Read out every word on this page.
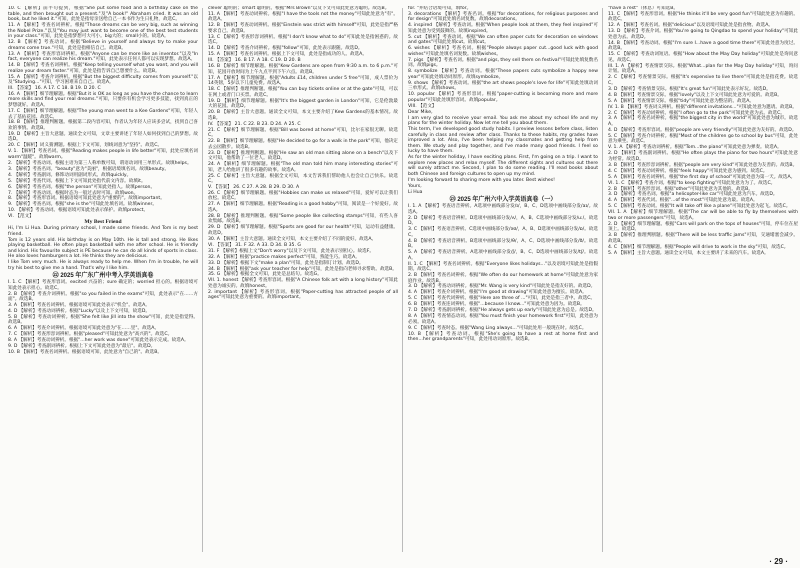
10. C 【解析】前半句提到，根据"She put some food and a birthday cake on the table, and then brought out a present."及"A book!" Abraham cried. It was an old book, but he liked it."可知，此处是指母亲送给自己一本书作为生日礼物，故选C。

11. A 【解析】考查名词辨析。根据"Those dreams can be very big, such as winning the Nobel Prize."以及"You may just want to become one of the best test students in your class."可知，此处是指梦想可大可小。big大的；small小的。故选A。

12. B 【解析】考查动词。根据"Believe in yourself and always try to make your dreams come true."可知，此处是指相信自己。故选B。

13. A 【解析】考查形容词辨析。根据"Anyone can be more like an inventor."以及"In fact, everyone can realize his dream."可知，此处表示任何人都可以实现梦想。故选A。

14. B 【解析】考查名词辨析。根据"Keep telling yourself what you want, and you will realize your dream faster."可知，此处是指告诉自己想要什么。故选B。

15. A 【解析】考查介词辨析。根据"But the biggest difficulty comes from yourself."以及"Studying..."可知，学习困难来自自己。故选A。

III. 【答案】 16. A 17. C 18. B 19. D 20. C

16. A 【解析】细节理解题。根据"But it is OK as long as you have the chance to learn more skills and find your real dreams."可知，只要你有机会学习更多技能，找到真正的梦想就好。故选A。

17. C 【解析】细节理解题。根据"The young man went to a Kee Gardens"可知，年轻人去了基佑花园。故选C。

18. B 【解析】推理判断题。根据第二段内容可知，作者认为年轻人应该多尝试，找到自己喜欢的事情。故选B。

19. D 【解析】主旨大意题。通读全文可知，文章主要讲述了年轻人如何找到自己的梦想。故选D。

20. C 【解析】词义猜测题。根据上下文可知，划线词意为"坚持"。故选C。

V. 1. 【解析】考查名词。根据"Reading makes people in life better"可知，此处应填名词warm"温暖"。故填warm。

2. 【解析】考查动词。根据主语为第三人称单数可知，谓语动词用三单形式。故填helps。

3. 【解析】考查名词。"beauty"意为"美丽"，根据语境填名词。故填beauty。

4. 【解析】考查副词。修饰动词用副词形式。故填quickly。

5. 【解析】考查代词。根据上下文可知此处指代前文内容。故填it。

6. 【解析】考查名词。根据"the person"可知此处指人。故填person。

7. 【解析】考查动词。根据时态为一般过去时可知。故填won。

8. 【解析】考查形容词。根据语境可知此处意为"重要的"。故填important。

9. 【解析】考查名词。根据"she is the"可知此处填名词。故填winner。

10. 【解析】考查动词。根据语境可知此处表示保护。故填protect。

VI. 【范文】

My Best Friend

Hi, I'm Li Hua. During primary school, I made some friends. And Tom is my best friend.

Tom is 12 years old. His birthday is on May 10th. He is tall and strong. He likes playing basketball. He often plays basketball with me after school. He is friendly and kind. His favourite subject is PE because he can do all kinds of sports in class. He also loves hamburgers a lot. He thinks they are delicious.

I like Tom very much. He is always ready to help me. When I'm in trouble, he will try his best to give me a hand. That's why I like him.

㉒ 2025 年广东广州中考入学英语真卷

I. 1. C 【解析】考查形容词。excited 兴奋的；sure 确定的；worried 担心的。根据语境可知此处表示担心。故选C。

2. B 【解析】考查介词辨析。根据"so you failed in the exams"可知，此处表示"在……方面"。故选B。

3. A 【解析】考查名词辨析。根据语境可知此处表示"机会"。故选A。

4. D 【解析】考查动词辨析。根据"Lucky"以及上下文可知，故选D。

5. B 【解析】考查动词辨析。根据"She felt like Jill into the show"可知，此处是指觉得。故选B。

6. A 【解析】考查介词辨析。根据语境可知此处意为"在……里"。故选A。

7. C 【解析】考查形容词辨析。根据"pleased"可知此处意为"高兴的"。故选C。

8. A 【解析】考查动词辨析。根据"...her work was done"可知此处表示完成。故选A。

9. D 【解析】考查副词辨析。根据上下文可知此处意为"最后"。故选D。

10. B 【解析】考查名词辨析。根据语境可知，此处意为"自己的"。故选B。

clever 聪明的；smart 聪明的。根据"Mrs Brown"以及下文可知此处意为聪明。故选B。

11. A 【解析】考查动词辨析。根据"I have the tools not the money"可知此处意为"有"。故选A。

12. B 【解析】考查动词辨析。根据"Einstein was strict with himself"可知，此处是指严格要求自己。故选B。

13. C 【解析】考查形容词辨析。根据"I don't know what to do"可知此处是指困惑的。故选C。

14. D 【解析】考查介词辨析。根据"follow"可知，此处表示跟随。故选D。

15. A 【解析】考查名词辨析。根据上下文可知，此处是指成功的人。故选A。

III. 【答案】 16. B 17. A 18. C 19. D 20. B

16. B 【解析】细节理解题。根据"Kew Gardens are open from 9:30 a.m. to 6 p.m."可知，花园开放时间为上午九点半到下午六点。故选B。

17. A 【解析】细节理解题。根据"Adults £14, children under 5 free"可知，成人票价为14英镑，5岁以下儿童免费。故选A。

18. C 【解析】推理判断题。根据"You can buy tickets online or at the gate"可知，可以在网上或者门口买票。故选C。

19. D 【解析】细节理解题。根据"It's the biggest garden in London"可知，它是伦敦最大的花园。故选D。

20. B 【解析】主旨大意题。通读全文可知，本文主要介绍了Kew Gardens的基本情况。故选B。

IV. 【答案】 21. C 22. B 23. D 24. A 25. C

21. C 【解析】细节理解题。根据"Bill was bored at home"可知，比尔在家很无聊。故选C。

22. B 【解析】细节理解题。根据"He decided to go for a walk in the park"可知，他决定去公园散步。故选B。

23. D 【解析】推理判断题。根据"He saw an old man sitting alone on a bench"以及下文可知，他帮助了一位老人。故选D。

24. A 【解析】细节理解题。根据"The old man told him many interesting stories"可知，老人给他讲了很多有趣的故事。故选A。

25. C 【解析】主旨大意题。根据全文可知，本文告诉我们帮助他人也会让自己快乐。故选C。

V. 【答案】 26. C 27. A 28. B 29. D 30. A

26. C 【解析】细节理解题。根据"Hobbies can make us relaxed"可知，爱好可以让我们放松。故选C。

27. A 【解析】细节理解题。根据"Reading is a good hobby"可知，阅读是一个好爱好。故选A。

28. B 【解析】推理判断题。根据"Some people like collecting stamps"可知，有些人喜欢集邮。故选B。

29. D 【解析】细节理解题。根据"Sports are good for our health"可知，运动有益健康。故选D。

30. A 【解析】主旨大意题。通读全文可知，本文主要介绍了不同的爱好。故选A。

VI. 【答案】 31. F 32. A 33. D 34. B 35. G

31. F 【解析】根据上文"Don't worry"以及下文可知，此处表示别担心。故选F。

32. A 【解析】根据"practice makes perfect"可知，熟能生巧。故选A。

33. D 【解析】根据下文"make a plan"可知，此处是指制订计划。故选D。

34. B 【解析】根据"ask your teacher for help"可知，此处是指向老师寻求帮助。故选B。

35. G 【解析】根据全文可知，此处是总结句。故选G。

VII. 1. honest 【解析】考查形容词。根据"A Chinese folk art with a long history"可知此处意为诚实的。故填honest。

2. important 【解析】考查形容词。根据"Paper-cutting has attracted people of all ages"可知此处意为重要的。故填important。

for. "并结合语境可知，填for。

3. decorations 【解析】考查名词。根据"for decorations, for religious purposes and for design"可知此处填名词复数。故填decorations。

4. inspired 【解析】考查动词。根据"When people look at them, they feel inspired"可知此处意为受到鼓舞的。故填inspired。

5. cut 【解析】考查动词。根据"We can often paper cuts for decoration on windows and gates"可知此处填cut。故填cut。

6. wishes 【解析】考查名词。根据"People always paper cut...good luck with good wishes"可知此处填名词复数。故填wishes。

7. pigs 【解析】考查名词。根据"and pigs, they sell them on festival"可知此处填复数名词。故填pigs。

8. symbolize 【解析】考查动词。根据"These papers cuts symbolize a happy new year"可知此处填动词原形。故填symbolize。

9. shows 【解析】考查动词。根据"the art shows people's love for life"可知此处填动词三单形式。故填shows。

10. popular 【解析】考查形容词。根据"paper-cutting is becoming more and more popular"可知此处填形容词。故填popular。

VIII. 【范文】

Dear Mike,

I am very glad to receive your email. You ask me about my school life and my plans for the winter holiday. Now let me tell you about them.

This term, I've developed good study habits. I preview lessons before class, listen carefully in class and review after class. Thanks to these habits, my grades have improved a lot. Also, I've been helping my classmates and getting help from them. We study and play together, and I've made many good friends. I feel so lucky to have them.

As for the winter holiday, I have exciting plans. First, I'm going on a trip. I want to explore new places and relax myself. The different sights and cultures out there will surely attract me. Second, I plan to do some reading. I'll read books about both Chinese and foreign cultures to open up my mind.

I'm looking forward to sharing more with you later. Best wishes!

Yours,

Li Hua

㉓ 2025 年广州六中入学英语真卷（一）

I. 1. A 【解析】考查语音辨析。A选项中画线部分发/ɪ/，B、C、D选项中画线部分发/aɪ/。故选A。

2. D 【解析】考查语音辨析。D选项中画线部分发/ʌ/，A、B、C选项中画线部分发/uː/。故选D。

3. C 【解析】考查语音辨析。C选项中画线部分发/əʊ/，A、B、D选项中画线部分发/ɒ/。故选C。

4. B 【解析】考查语音辨析。B选项中画线部分发/θ/，A、C、D选项中画线部分发/ð/。故选B。

5. A 【解析】考查语音辨析。A选项中画线部分发/ʃ/，B、C、D选项中画线部分发/tʃ/。故选A。

II. 1. C 【解析】考查名词辨析。根据"Everyone likes holidays..."以及语境可知此处是指假期。故选C。

2. B 【解析】考查名词辨析。根据"We often do our homework at home"可知此处意为家庭作业。故选B。

3. D 【解析】考查动词辨析。根据"Mr. Wang is very kind"可知此处是指友好的。故选D。

4. A 【解析】考查介词辨析。根据"I'm good at drawing"可知此处意为擅长。故选A。

5. C 【解析】考查代词辨析。根据"Here are three of ..."可知，此处是指三者中。故选C。

6. B 【解析】考查连词辨析。根据"...because I know..."可知此处意为因为。故选B。

7. D 【解析】考查副词辨析。根据"He always gets up early"可知此处意为总是。故选D。

8. A 【解析】考查情态动词。根据"You must finish your homework first"可知，此处意为必须。故选A。

9. C 【解析】考查时态。根据"Wang Ling always..."可知此处用一般现在时。故选C。

10. B 【解析】考查动词。根据"She's going to have a rest at home first and then...her grandparents"可知，此处用动词原形。故选B。

"have a rest"（休息）可知选B。

11. C 【解析】考查形容词。根据"He thinks it'll be very good fun"可知此处意为有趣的。故选C。

12. A 【解析】考查名词。根据"delicious"以及语境可知此处是指食物。故选A。

13. D 【解析】考查介词。根据"You're going to Qingdao to spend your holiday"可知此处意为去。故选D。

14. B 【解析】考查动词。根据"I'm sure I...have a good time there"可知此处意为度过。故选B。

15. C 【解析】考查动词短语。根据"How about the May Day holiday"可知此处是询问意见。故选C。

III. 1. A 【解析】考查情景交际。根据"What...plan for the May Day holiday"可知，询问计划。故选A。

2. C 【解析】考查情景交际。根据"It's expensive to live there"可知此处是指花费。故选C。

3. D 【解析】考查情景交际。根据"It's great fun"可知此处表示好玩。故选D。

4. B 【解析】考查情景交际。根据"lovely"以及上下文可知此处意为可爱的。故选B。

5. A 【解析】考查情景交际。根据"tidy"可知此处意为整洁的。故选A。

IV. 1. B 【解析】考查词义辨析。根据"different invitations..."可知此处意为邀请。故选B。

2. C 【解析】考查动词辨析。根据"I often go to the park"可知此处意为去。故选C。

3. A 【解析】考查名词辨析。根据"the biggest city in the world"可知此处意为城市。故选A。

4. D 【解析】考查形容词。根据"people are very friendly"可知此处意为友好的。故选D。

5. C 【解析】考查介词辨析。根据"Most of the children go to school by bus"可知，此处意为乘坐。故选C。

V. 1. A 【解析】考查动词辨析。根据"Tom...the piano"可知此处意为弹奏。故选A。

2. D 【解析】考查副词辨析。根据"He often plays the piano for two hours"可知此处意为经常。故选D。

3. B 【解析】考查形容词辨析。根据"people are very kind"可知此处意为友善的。故选B。

4. C 【解析】考查动词辨析。根据"feels happy"可知此处意为感到。故选C。

5. A 【解析】考查名词辨析。根据"the first day of school"可知此处意为第一天。故选A。

VI. 1. C 【解析】考查介词。根据"to keep fighting"可知此处意为为了。故选C。

2. B 【解析】考查形容词。根据"other"可知此处意为其他的。故选B。

3. D 【解析】考查名词。根据"a helicopter-like car"可知此处意为汽车。故选D。

4. A 【解析】考查代词。根据"...of the most"可知此处意为最。故选A。

5. C 【解析】考查动词。根据"It will take off like a plane"可知此处意为起飞。故选C。

VII. 1. A 【解析】细节理解题。根据"The car will be able to fly by themselves with two or more passengers"可知，故选A。

2. D 【解析】细节理解题。根据"Cars will park on the tops of houses"可知，停车位在屋顶上。故选D。

3. B 【解析】推理判断题。根据"There will be less traffic jams"可知，交通堵塞会减少。故选B。

4. C 【解析】细节理解题。根据"People will drive to work in the sky"可知，故选C。

5. A 【解析】主旨大意题。通读全文可知，本文主要讲了未来的汽车。故选A。

· 29 ·
